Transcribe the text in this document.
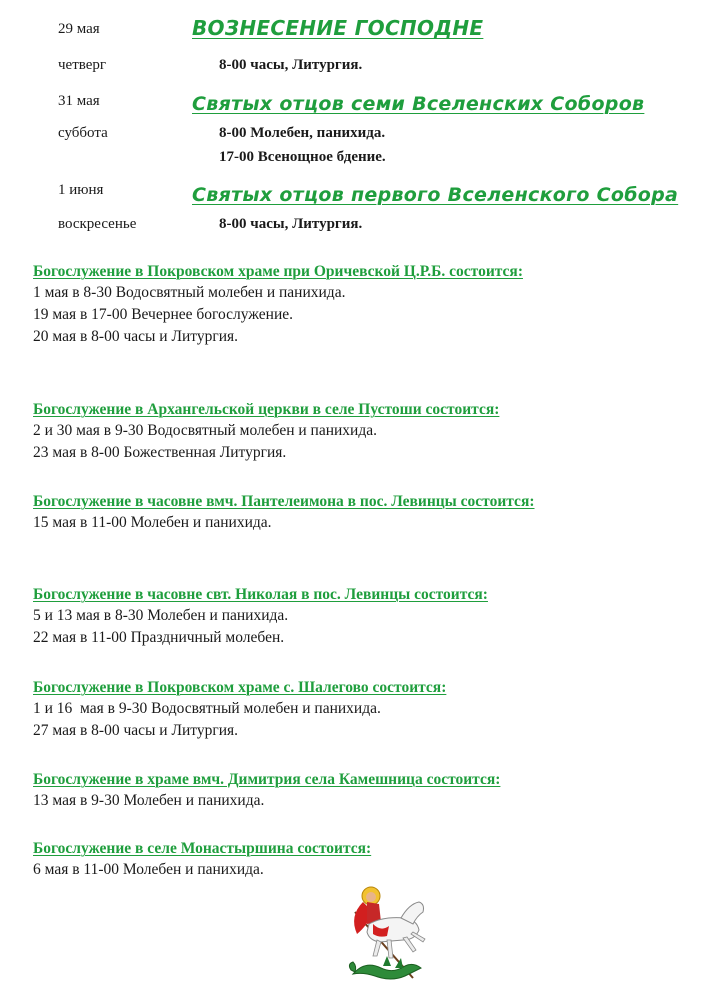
29 мая	ВОЗНЕСЕНИЕ ГОСПОДНЕ
четверг	8-00 часы, Литургия.
31 мая	Святых отцов семи Вселенских Соборов
суббота	8-00 Молебен, панихида.
17-00 Всенощное бдение.
1 июня	Святых отцов первого Вселенского Собора
воскресенье	8-00 часы, Литургия.
Богослужение в Покровском храме при Оричевской Ц.Р.Б. состоится:
1 мая в 8-30 Водосвятный молебен и панихида.
19 мая в 17-00 Вечернее богослужение.
20 мая в 8-00 часы и Литургия.
Богослужение в Архангельской церкви в селе Пустоши состоится:
2 и 30 мая в 9-30 Водосвятный молебен и панихида.
23 мая в 8-00 Божественная Литургия.
Богослужение в часовне вмч. Пантелеимона в пос. Левинцы состоится:
15 мая в 11-00 Молебен и панихида.
Богослужение в часовне свт. Николая в пос. Левинцы состоится:
5 и 13 мая в 8-30 Молебен и панихида.
22 мая в 11-00 Праздничный молебен.
Богослужение в Покровском храме с. Шалегово состоится:
1 и 16  мая в 9-30 Водосвятный молебен и панихида.
27 мая в 8-00 часы и Литургия.
Богослужение в храме вмч. Димитрия села Камешница состоится:
13 мая в 9-30 Молебен и панихида.
Богослужение в селе Монастыршина состоится:
6 мая в 11-00 Молебен и панихида.
